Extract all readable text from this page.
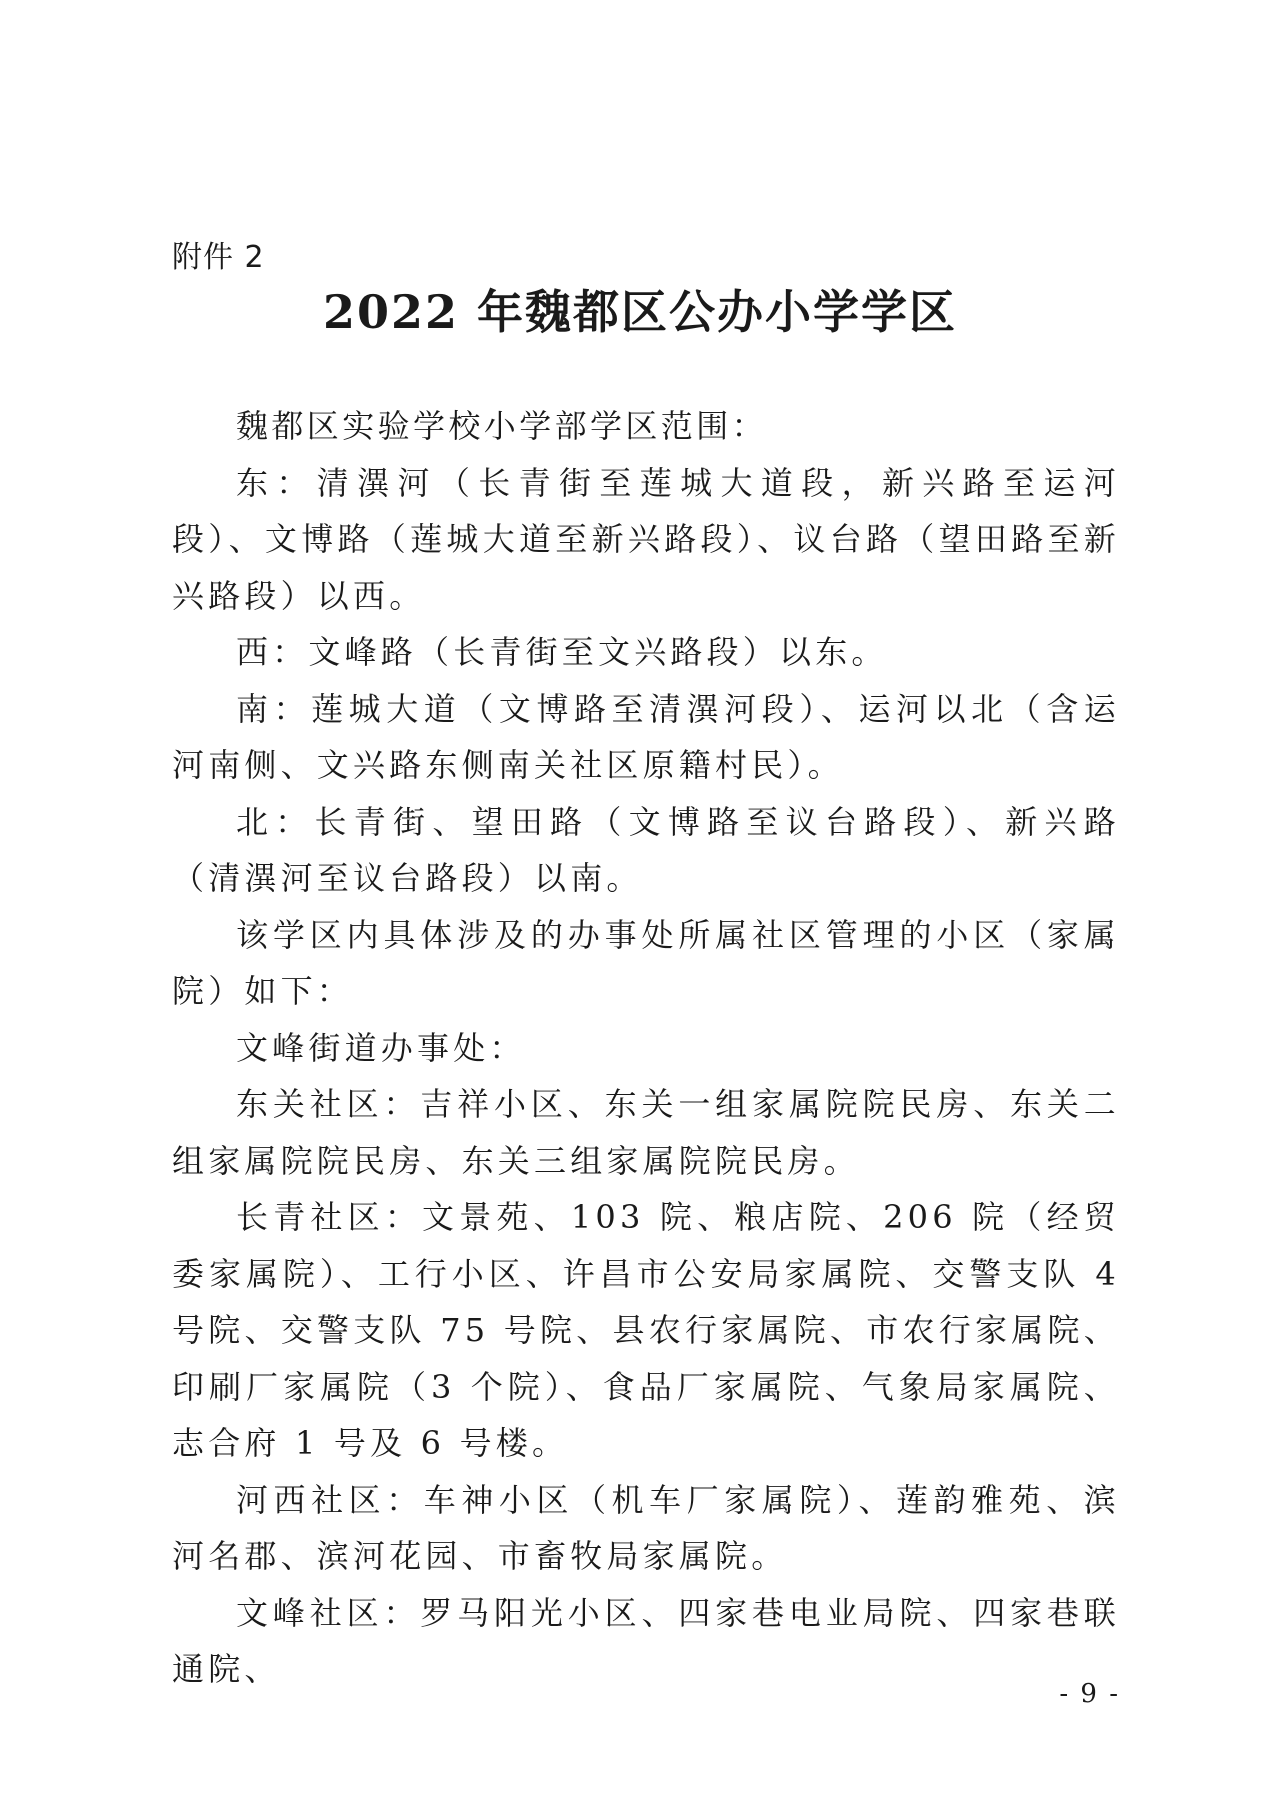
附件 2
2022 年魏都区公办小学学区

魏都区实验学校小学部学区范围：

东：清潩河（长青街至莲城大道段，新兴路至运河段）、文博路（莲城大道至新兴路段）、议台路（望田路至新兴路段）以西。

西：文峰路（长青街至文兴路段）以东。

南：莲城大道（文博路至清潩河段）、运河以北（含运河南侧、文兴路东侧南关社区原籍村民）。

北：长青街、望田路（文博路至议台路段）、新兴路（清潩河至议台路段）以南。

该学区内具体涉及的办事处所属社区管理的小区（家属院）如下：

文峰街道办事处：

东关社区：吉祥小区、东关一组家属院院民房、东关二组家属院院民房、东关三组家属院院民房。

长青社区：文景苑、103 院、粮店院、206 院（经贸委家属院）、工行小区、许昌市公安局家属院、交警支队 4 号院、交警支队 75 号院、县农行家属院、市农行家属院、印刷厂家属院（3 个院）、食品厂家属院、气象局家属院、志合府 1 号及 6 号楼。

河西社区：车神小区（机车厂家属院）、莲韵雅苑、滨河名郡、滨河花园、市畜牧局家属院。

文峰社区：罗马阳光小区、四家巷电业局院、四家巷联通院、

- 9 -
